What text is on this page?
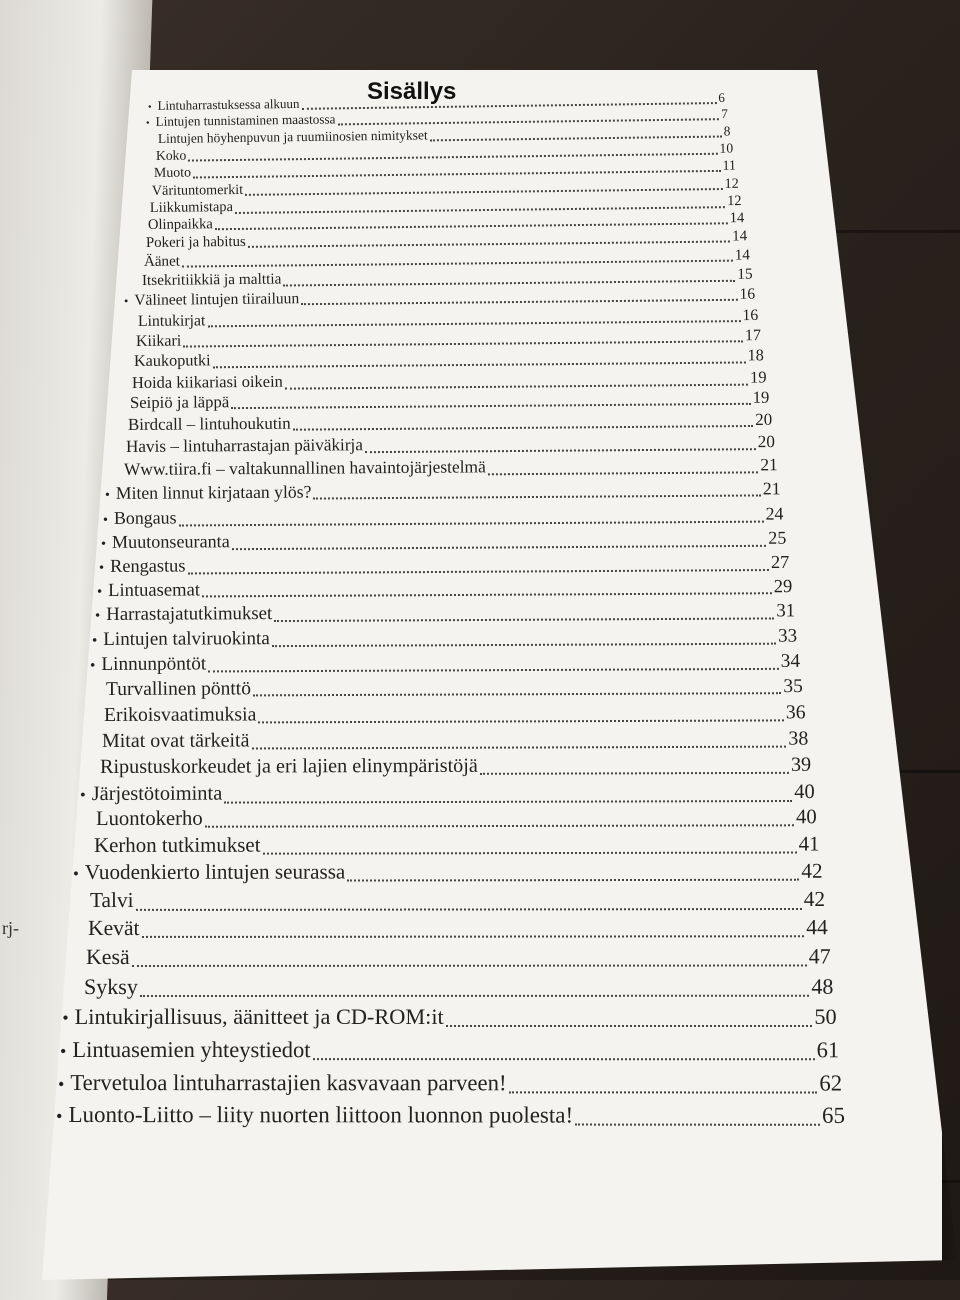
rj-
Sisällys
• Lintuharrastuksessa alkuun	6
• Lintujen tunnistaminen maastossa	7
Lintujen höyhenpuvun ja ruumiinosien nimitykset	8
Koko	10
Muoto	11
Värituntomerkit	12
Liikkumistapa	12
Olinpaikka	14
Pokeri ja habitus	14
Äänet	14
Itsekritiikkiä ja malttia	15
• Välineet lintujen tiirailuun	16
Lintukirjat	16
Kiikari	17
Kaukoputki	18
Hoida kiikariasi oikein	19
Seipiö ja läppä	19
Birdcall – lintuhoukutin	20
Havis – lintuharrastajan päiväkirja	20
Www.tiira.fi – valtakunnallinen havaintojärjestelmä	21
• Miten linnut kirjataan ylös?	21
• Bongaus	24
• Muutonseuranta	25
• Rengastus	27
• Lintuasemat	29
• Harrastajatutkimukset	31
• Lintujen talviruokinta	33
• Linnunpöntöt	34
Turvallinen pönttö	35
Erikoisvaatimuksia	36
Mitat ovat tärkeitä	38
Ripustuskorkeudet ja eri lajien elinympäristöjä	39
• Järjestötoiminta	40
Luontokerho	40
Kerhon tutkimukset	41
• Vuodenkierto lintujen seurassa	42
Talvi	42
Kevät	44
Kesä	47
Syksy	48
• Lintukirjallisuus, äänitteet ja CD-ROM:it	50
• Lintuasemien yhteystiedot	61
• Tervetuloa lintuharrastajien kasvavaan parveen!	62
• Luonto-Liitto – liity nuorten liittoon luonnon puolesta!	65
